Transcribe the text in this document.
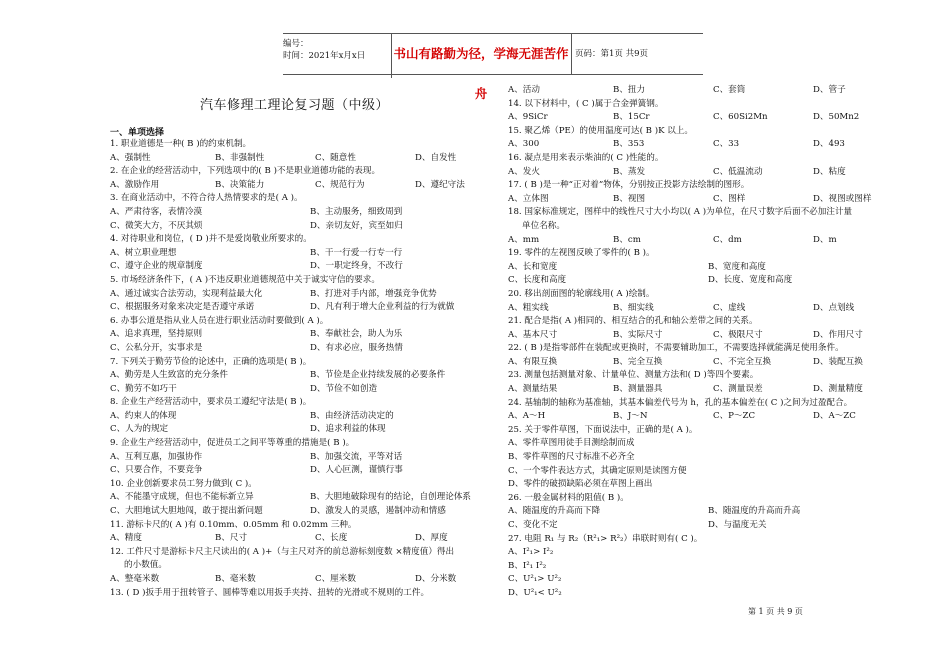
编号：
时间：2021年x月x日	书山有路勤为径，学海无涯苦作舟
页码：第1页 共9页
汽车修理工理论复习题（中级）
一、单项选择
1. 职业道德是一种( B )的约束机制。
A、强制性	B、非强制性	C、随意性	D、自发性
2. 在企业的经营活动中，下列选项中的( B )不是职业道德功能的表现。
A、激励作用	B、决策能力	C、规范行为	D、遵纪守法
3. 在商业活动中，不符合待人热情要求的是( A )。
A、严肃待客，表情冷漠	B、主动服务，细致周到
C、微笑大方，不厌其烦	D、亲切友好，宾至如归
4. 对待职业和岗位，( D )并不是爱岗敬业所要求的。
A、树立职业理想	B、干一行爱一行专一行
C、遵守企业的规章制度	D、一职定终身，不改行
5. 市场经济条件下，( A )不违反职业道德规范中关于诚实守信的要求。
A、通过诚实合法劳动，实现利益最大化	B、打进对手内部，增强竞争优势
C、根据服务对象来决定是否遵守承诺	D、凡有利于增大企业利益的行为就做
6. 办事公道是指从业人员在进行职业活动时要做到( A )。
A、追求真理，坚持原则	B、奉献社会，助人为乐
C、公私分开，实事求是	D、有求必应，服务热情
7. 下列关于勤劳节俭的论述中，正确的选项是( B )。
A、勤劳是人生致富的充分条件	B、节俭是企业持续发展的必要条件
C、勤劳不如巧干	D、节俭不如创造
8. 企业生产经营活动中，要求员工遵纪守法是( B )。
A、约束人的体现	B、由经济活动决定的
C、人为的规定	D、追求利益的体现
9. 企业生产经营活动中，促进员工之间平等尊重的措施是( B )。
A、互利互惠，加强协作	B、加强交流，平等对话
C、只要合作，不要竞争	D、人心叵测，谨慎行事
10. 企业创新要求员工努力做到( C )。
A、不能墨守成规，但也不能标新立异	B、大胆地破除现有的结论，自创理论体系
C、大胆地试大胆地闯，敢于提出新问题	D、激发人的灵感，遏制冲动和情感
11. 游标卡尺的( A )有 0.10mm、0.05mm 和 0.02mm 三种。
A、精度	B、尺寸	C、长度	D、厚度
12. 工件尺寸是游标卡尺主尺读出的( A )+（与主尺对齐的前总游标刻度数 ×精度值）得出
的小数值。
A、整毫米数	B、毫米数	C、厘米数	D、分米数
13. ( D )扳手用于扭转管子、圆棒等难以用扳手夹持、扭转的光滑或不规则的工件。
A、活动	B、扭力	C、套筒	D、管子
14. 以下材料中，( C )属于合金弹簧钢。
A、9SiCr	B、15Cr	C、60Si2Mn	D、50Mn2
15. 聚乙烯（PE）的使用温度可达( B )K 以上。
A、300	B、353	C、33	D、493
16. 凝点是用来表示柴油的( C )性能的。
A、发火	B、蒸发	C、低温流动	D、粘度
17. ( B )是一种“正对着”物体，分别按正投影方法绘制的图形。
A、立体图	B、视图	C、图样	D、视图或图样
18. 国家标准规定，图样中的线性尺寸大小均以( A )为单位，在尺寸数字后面不必加注计量
单位名称。
A、mm	B、cm	C、dm	D、m
19. 零件的左视图反映了零件的( B )。
A、长和宽度	B、宽度和高度
C、长度和高度	D、长度、宽度和高度
20. 移出剖面图的轮廓线用( A )绘制。
A、粗实线	B、细实线	C、虚线	D、点划线
21. 配合是指( A )相同的、相互结合的孔和轴公差带之间的关系。
A、基本尺寸	B、实际尺寸	C、极限尺寸	D、作用尺寸
22. ( B )是指零部件在装配或更换时，不需要辅助加工，不需要选择就能满足使用条件。
A、有限互换	B、完全互换	C、不完全互换	D、装配互换
23. 测量包括测量对象、计量单位、测量方法和( D )等四个要素。
A、测量结果	B、测量器具	C、测量误差	D、测量精度
24. 基轴制的轴称为基准轴，其基本偏差代号为 h，孔的基本偏差在( C )之间为过盈配合。
A、A～H	B、J～N	C、P～ZC	D、A～ZC
25. 关于零件草图，下面说法中，正确的是( A )。
A、零件草图用徒手目测绘制而成
B、零件草图的尺寸标准不必齐全
C、一个零件表达方式，其确定原则是读图方便
D、零件的破损缺陷必须在草图上画出
26. 一般金属材料的阻值( B )。
A、随温度的升高而下降	B、随温度的升高而升高
C、变化不定	D、与温度无关
27. 电阻 R₁ 与 R₂（R²₁> R²₂）串联时则有( C )。
A、I²₁> I²₂
B、I²₁ I²₂
C、U²₁> U²₂
D、U²₁< U²₂
第 1 页 共 9 页
